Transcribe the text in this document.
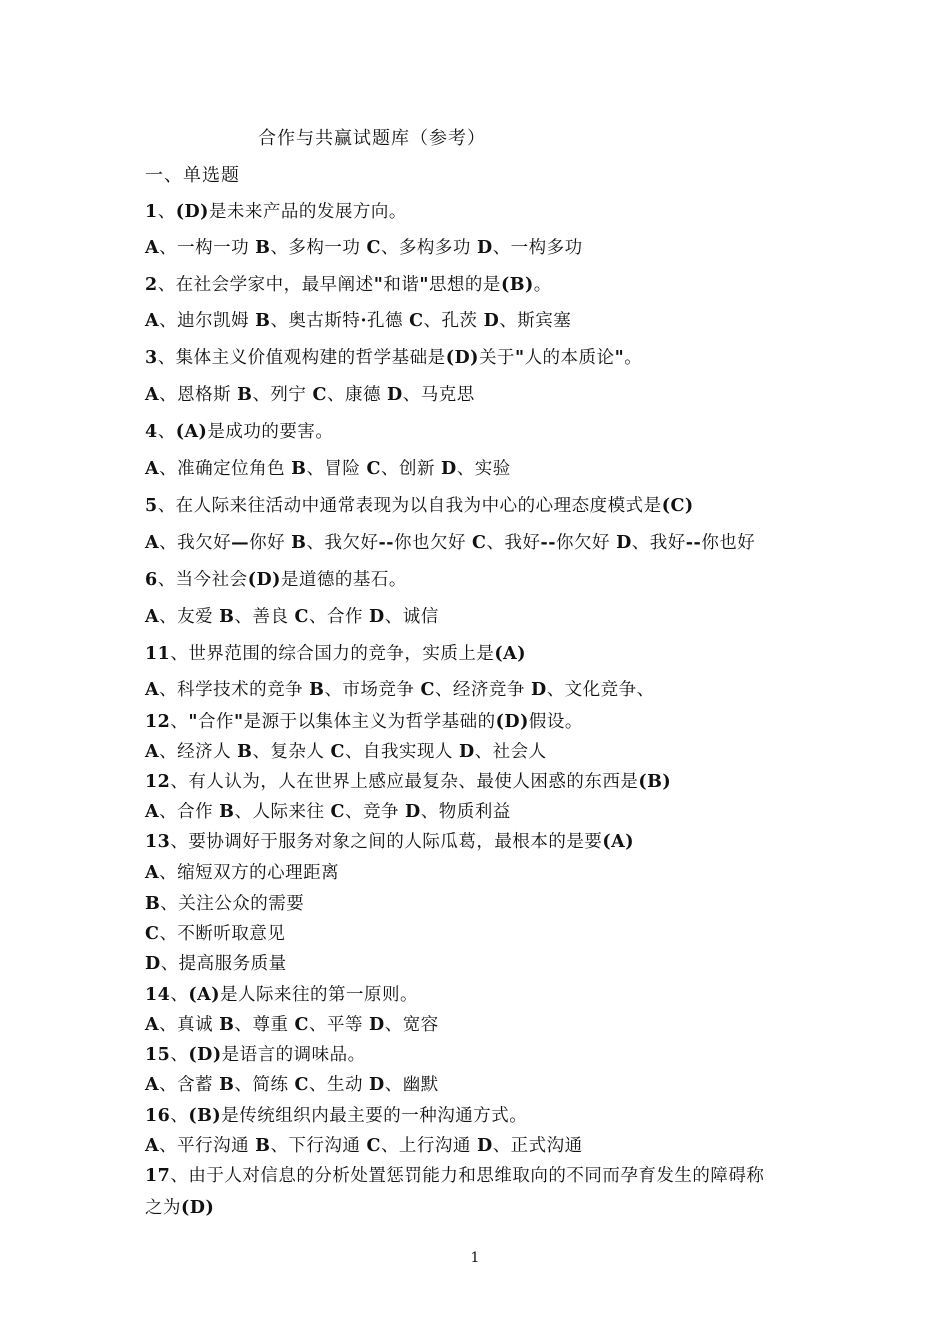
合作与共赢试题库（参考）
一、单选题
1、(D)是未来产品的发展方向。
A、一构一功 B、多构一功 C、多构多功 D、一构多功
2、在社会学家中，最早阐述"和谐"思想的是(B)。
A、迪尔凯姆 B、奥古斯特·孔德 C、孔茨 D、斯宾塞
3、集体主义价值观构建的哲学基础是(D)关于"人的本质论"。
A、恩格斯 B、列宁 C、康德 D、马克思
4、(A)是成功的要害。
A、准确定位角色 B、冒险 C、创新 D、实验
5、在人际来往活动中通常表现为以自我为中心的心理态度模式是(C)
A、我欠好—你好 B、我欠好--你也欠好 C、我好--你欠好 D、我好--你也好
6、当今社会(D)是道德的基石。
A、友爱 B、善良 C、合作 D、诚信
11、世界范围的综合国力的竞争，实质上是(A)
A、科学技术的竞争 B、市场竞争 C、经济竞争 D、文化竞争、
12、"合作"是源于以集体主义为哲学基础的(D)假设。
A、经济人 B、复杂人 C、自我实现人 D、社会人
12、有人认为，人在世界上感应最复杂、最使人困惑的东西是(B)
A、合作 B、人际来往 C、竞争 D、物质利益
13、要协调好于服务对象之间的人际瓜葛，最根本的是要(A)
A、缩短双方的心理距离
B、关注公众的需要
C、不断听取意见
D、提高服务质量
14、(A)是人际来往的第一原则。
A、真诚 B、尊重 C、平等 D、宽容
15、(D)是语言的调味品。
A、含蓄 B、简练 C、生动 D、幽默
16、(B)是传统组织内最主要的一种沟通方式。
A、平行沟通 B、下行沟通 C、上行沟通 D、正式沟通
17、由于人对信息的分析处置惩罚能力和思维取向的不同而孕育发生的障碍称
之为(D)
1
